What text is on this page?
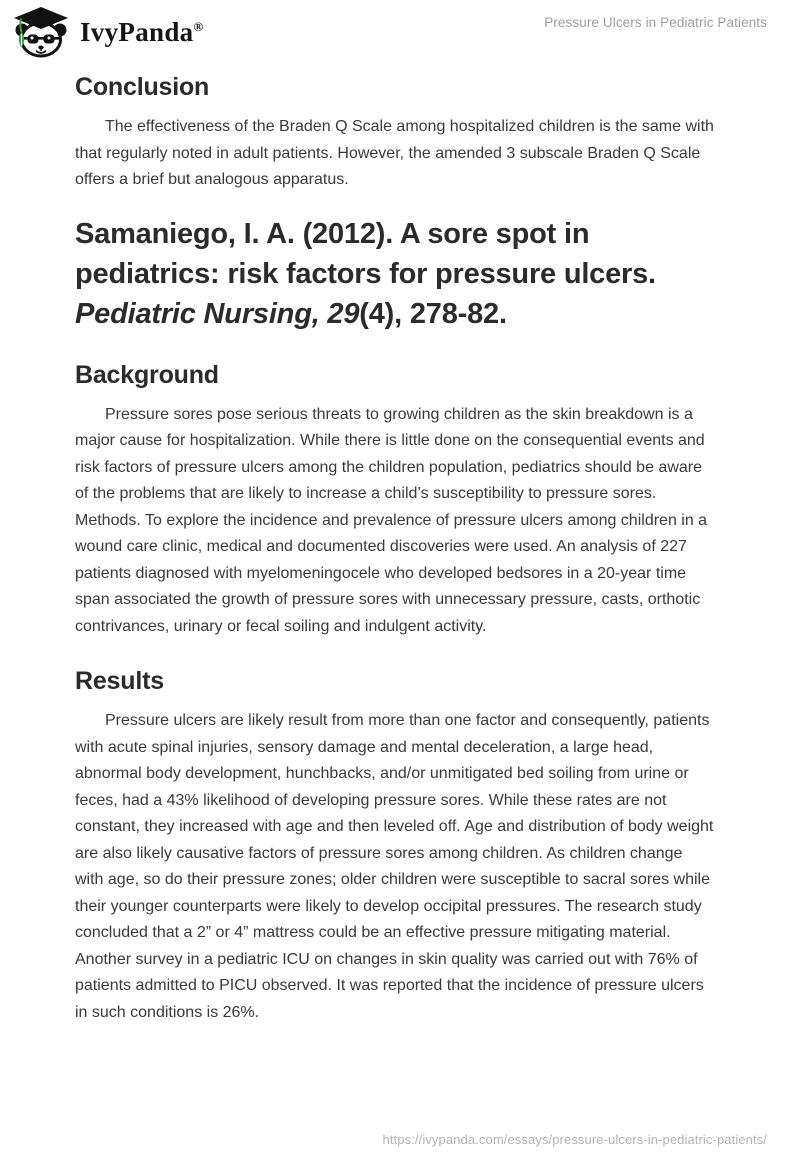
IvyPanda®	Pressure Ulcers in Pediatric Patients
Conclusion

The effectiveness of the Braden Q Scale among hospitalized children is the same with that regularly noted in adult patients. However, the amended 3 subscale Braden Q Scale offers a brief but analogous apparatus.

Samaniego, I. A. (2012). A sore spot in pediatrics: risk factors for pressure ulcers. Pediatric Nursing, 29(4), 278-82.
Background

Pressure sores pose serious threats to growing children as the skin breakdown is a major cause for hospitalization. While there is little done on the consequential events and risk factors of pressure ulcers among the children population, pediatrics should be aware of the problems that are likely to increase a child’s susceptibility to pressure sores. Methods. To explore the incidence and prevalence of pressure ulcers among children in a wound care clinic, medical and documented discoveries were used. An analysis of 227 patients diagnosed with myelomeningocele who developed bedsores in a 20-year time span associated the growth of pressure sores with unnecessary pressure, casts, orthotic contrivances, urinary or fecal soiling and indulgent activity.

Results

Pressure ulcers are likely result from more than one factor and consequently, patients with acute spinal injuries, sensory damage and mental deceleration, a large head, abnormal body development, hunchbacks, and/or unmitigated bed soiling from urine or feces, had a 43% likelihood of developing pressure sores. While these rates are not constant, they increased with age and then leveled off. Age and distribution of body weight are also likely causative factors of pressure sores among children. As children change with age, so do their pressure zones; older children were susceptible to sacral sores while their younger counterparts were likely to develop occipital pressures. The research study concluded that a 2” or 4” mattress could be an effective pressure mitigating material. Another survey in a pediatric ICU on changes in skin quality was carried out with 76% of patients admitted to PICU observed. It was reported that the incidence of pressure ulcers in such conditions is 26%.

https://ivypanda.com/essays/pressure-ulcers-in-pediatric-patients/
